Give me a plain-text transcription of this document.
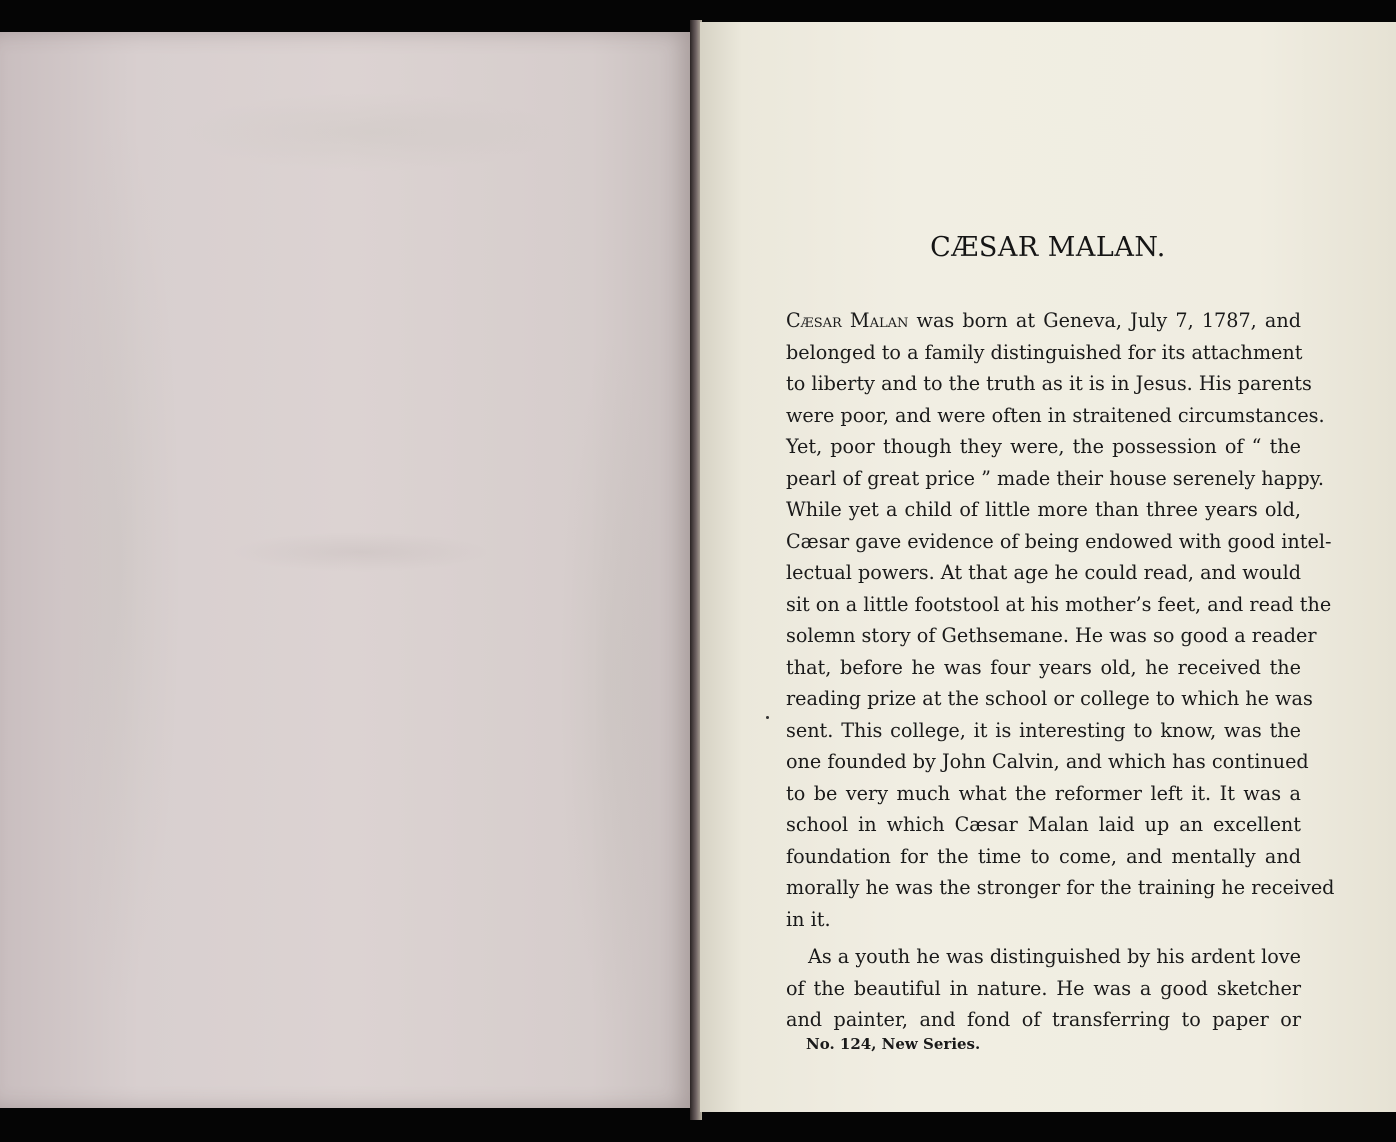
CÆSAR MALAN.
Cæsar Malan was born at Geneva, July 7, 1787, and
belonged to a family distinguished for its attachment
to liberty and to the truth as it is in Jesus. His parents
were poor, and were often in straitened circumstances.
Yet, poor though they were, the possession of “ the
pearl of great price ” made their house serenely happy.
While yet a child of little more than three years old,
Cæsar gave evidence of being endowed with good intel-
lectual powers. At that age he could read, and would
sit on a little footstool at his mother’s feet, and read the
solemn story of Gethsemane. He was so good a reader
that, before he was four years old, he received the
reading prize at the school or college to which he was
sent. This college, it is interesting to know, was the
one founded by John Calvin, and which has continued
to be very much what the reformer left it. It was a
school in which Cæsar Malan laid up an excellent
foundation for the time to come, and mentally and
morally he was the stronger for the training he received
in it.
As a youth he was distinguished by his ardent love
of the beautiful in nature. He was a good sketcher
and painter, and fond of transferring to paper or
No. 124, New Series.
